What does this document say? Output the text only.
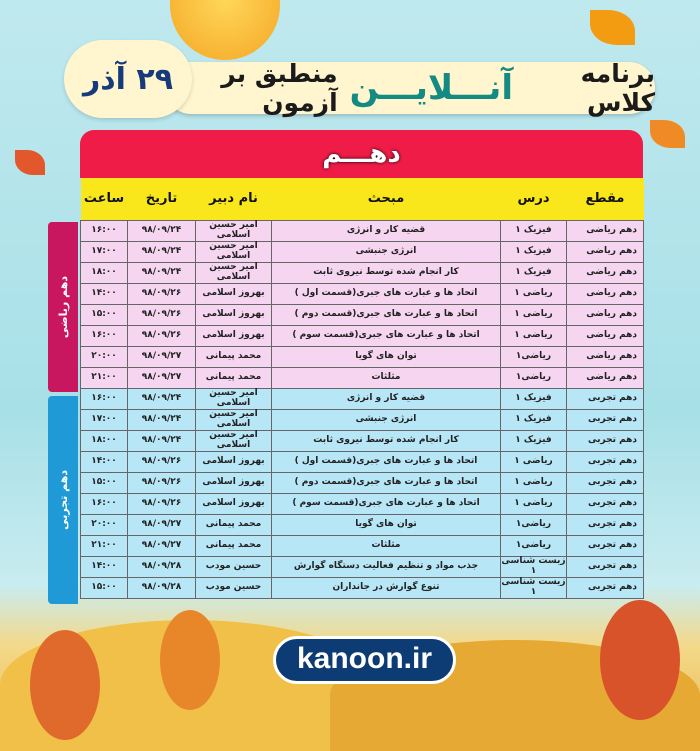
برنامه کلاس
آنـــلایـــن
منطبق بر آزمون
۲۹ آذر
دهـــم
دهم ریاضی
دهم تجربی
مقطع	درس	مبحث	نام دبیر	تاریخ	ساعت
دهم ریاضی	فیزیک ۱	قضیه کار و انرژی	امیر حسین اسلامی	۹۸/۰۹/۲۴	۱۶:۰۰
دهم ریاضی	فیزیک ۱	انرژی جنبشی	امیر حسین اسلامی	۹۸/۰۹/۲۴	۱۷:۰۰
دهم ریاضی	فیزیک ۱	کار انجام شده توسط نیروی ثابت	امیر حسین اسلامی	۹۸/۰۹/۲۴	۱۸:۰۰
دهم ریاضی	ریاضی ۱	اتحاد ها و عبارت های جبری(قسمت اول )	بهروز اسلامی	۹۸/۰۹/۲۶	۱۴:۰۰
دهم ریاضی	ریاضی ۱	اتحاد ها و عبارت های جبری(قسمت دوم )	بهروز اسلامی	۹۸/۰۹/۲۶	۱۵:۰۰
دهم ریاضی	ریاضی ۱	اتحاد ها و عبارت های جبری(قسمت سوم )	بهروز اسلامی	۹۸/۰۹/۲۶	۱۶:۰۰
دهم ریاضی	ریاضی۱	توان های گویا	محمد پیمانی	۹۸/۰۹/۲۷	۲۰:۰۰
دهم ریاضی	ریاضی۱	مثلثات	محمد پیمانی	۹۸/۰۹/۲۷	۲۱:۰۰
دهم تجربی	فیزیک ۱	قضیه کار و انرژی	امیر حسین اسلامی	۹۸/۰۹/۲۴	۱۶:۰۰
دهم تجربی	فیزیک ۱	انرژی جنبشی	امیر حسین اسلامی	۹۸/۰۹/۲۴	۱۷:۰۰
دهم تجربی	فیزیک ۱	کار انجام شده توسط نیروی ثابت	امیر حسین اسلامی	۹۸/۰۹/۲۴	۱۸:۰۰
دهم تجربی	ریاضی ۱	اتحاد ها و عبارت های جبری(قسمت اول )	بهروز اسلامی	۹۸/۰۹/۲۶	۱۴:۰۰
دهم تجربی	ریاضی ۱	اتحاد ها و عبارت های جبری(قسمت دوم )	بهروز اسلامی	۹۸/۰۹/۲۶	۱۵:۰۰
دهم تجربی	ریاضی ۱	اتحاد ها و عبارت های جبری(قسمت سوم )	بهروز اسلامی	۹۸/۰۹/۲۶	۱۶:۰۰
دهم تجربی	ریاضی۱	توان های گویا	محمد پیمانی	۹۸/۰۹/۲۷	۲۰:۰۰
دهم تجربی	ریاضی۱	مثلثات	محمد پیمانی	۹۸/۰۹/۲۷	۲۱:۰۰
دهم تجربی	زیست شناسی ۱	جذب مواد و تنظیم فعالیت دستگاه گوارش	حسین مودب	۹۸/۰۹/۲۸	۱۴:۰۰
دهم تجربی	زیست شناسی ۱	تنوع گوارش در جانداران	حسین مودب	۹۸/۰۹/۲۸	۱۵:۰۰
kanoon.ir
